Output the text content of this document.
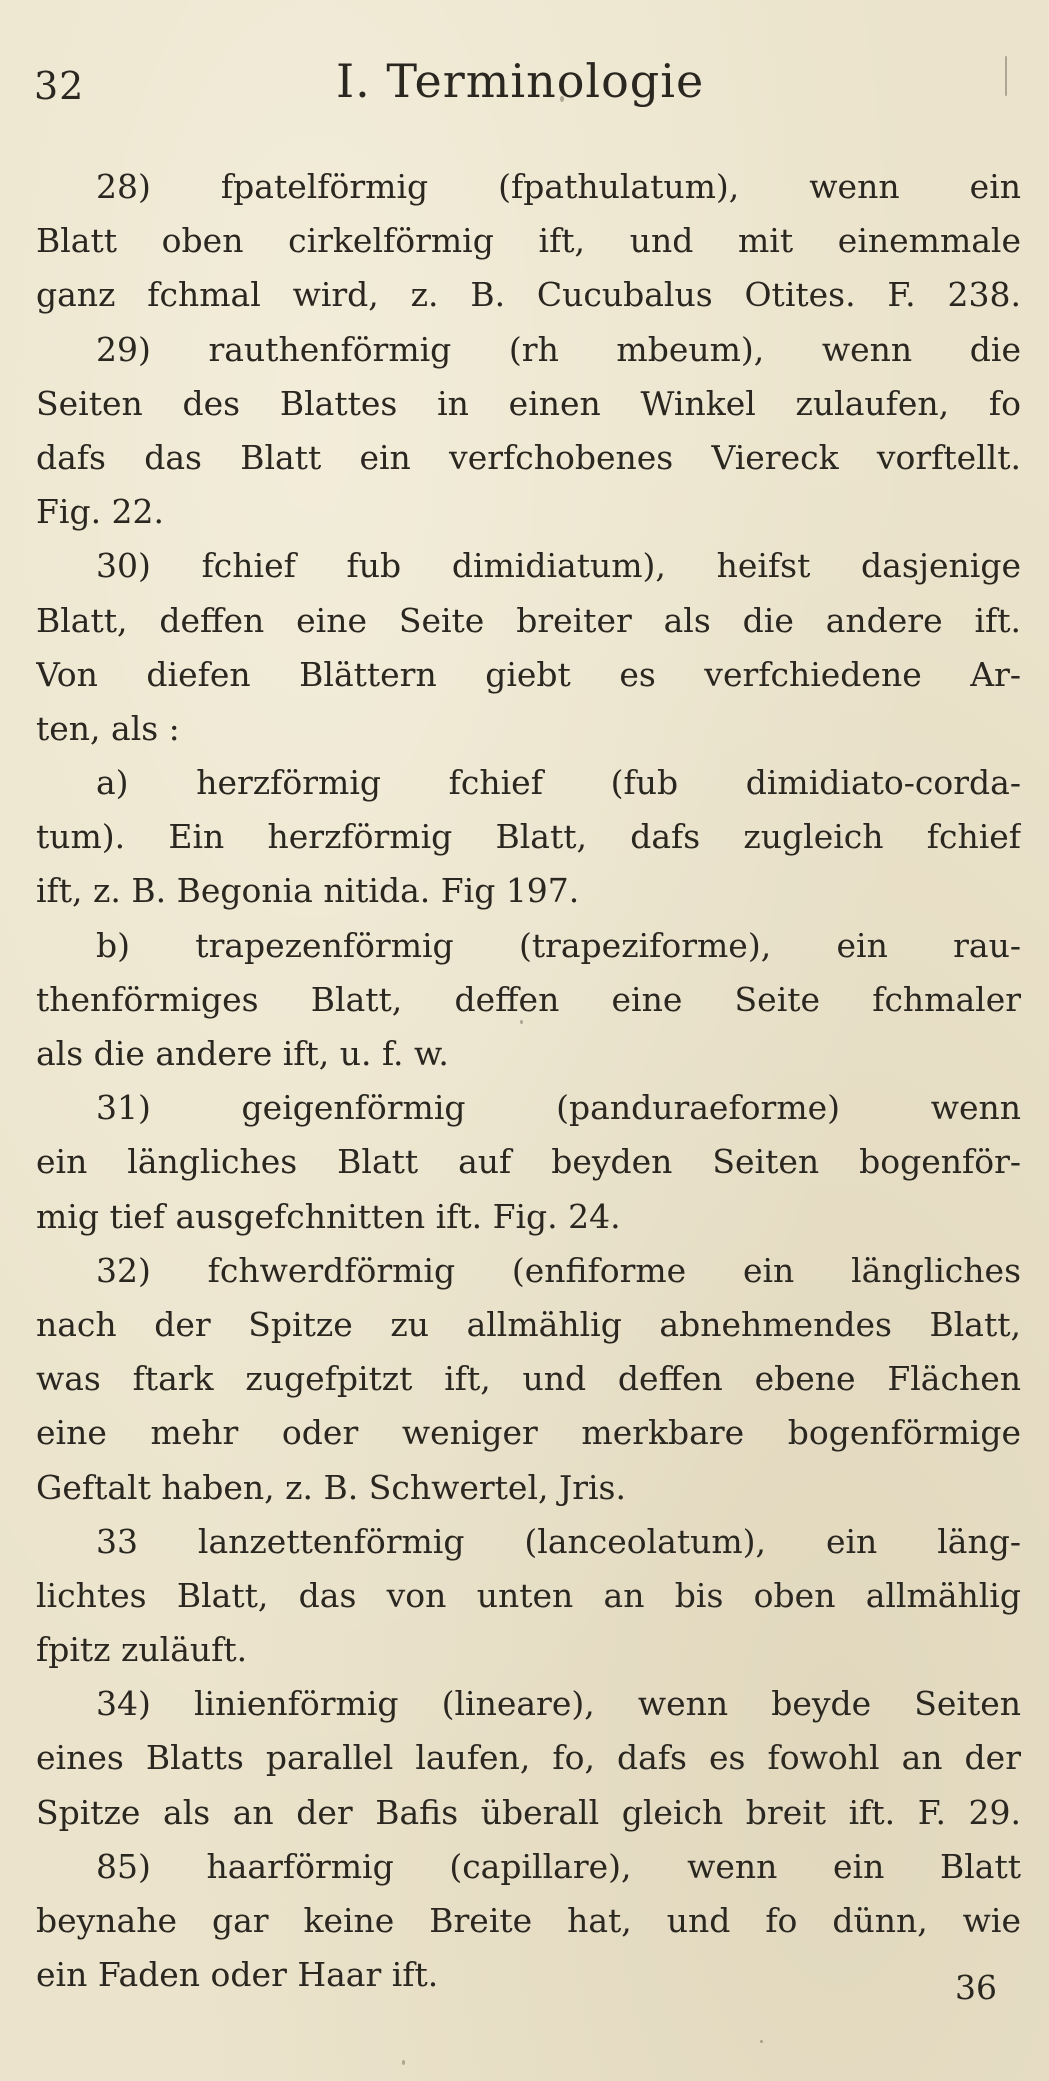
32	I. Terminologie
28) fpatelförmig (fpathulatum), wenn ein
Blatt oben cirkelförmig ift, und mit einemmale
ganz fchmal wird, z. B. Cucubalus Otites. F. 238.
29) rauthenförmig (rh mbeum), wenn die
Seiten des Blattes in einen Winkel zulaufen, fo
dafs das Blatt ein verfchobenes Viereck vorftellt.
Fig. 22.
30) fchief fub dimidiatum), heifst dasjenige
Blatt, deffen eine Seite breiter als die andere ift.
Von diefen Blättern giebt es verfchiedene Ar-
ten, als :
a) herzförmig fchief (fub dimidiato-corda-
tum). Ein herzförmig Blatt, dafs zugleich fchief
ift, z. B. Begonia nitida. Fig 197.
b) trapezenförmig (trapeziforme), ein rau-
thenförmiges Blatt, deffen eine Seite fchmaler
als die andere ift, u. f. w.
31) geigenförmig (panduraeforme) wenn
ein längliches Blatt auf beyden Seiten bogenför-
mig tief ausgefchnitten ift. Fig. 24.
32) fchwerdförmig (enfiforme ein längliches
nach der Spitze zu allmählig abnehmendes Blatt,
was ftark zugefpitzt ift, und deffen ebene Flächen
eine mehr oder weniger merkbare bogenförmige
Geftalt haben, z. B. Schwertel, Jris.
33 lanzettenförmig (lanceolatum), ein läng-
lichtes Blatt, das von unten an bis oben allmählig
fpitz zuläuft.
34) linienförmig (lineare), wenn beyde Seiten
eines Blatts parallel laufen, fo, dafs es fowohl an der
Spitze als an der Bafis überall gleich breit ift. F. 29.
85) haarförmig (capillare), wenn ein Blatt
beynahe gar keine Breite hat, und fo dünn, wie
ein Faden oder Haar ift.	36
